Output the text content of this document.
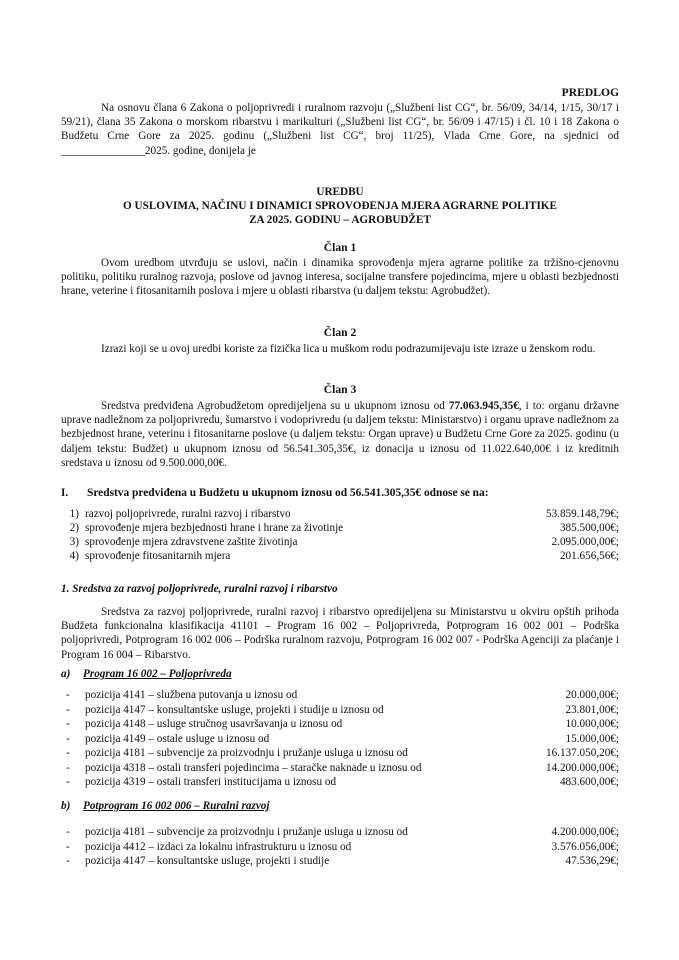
PREDLOG
Na osnovu člana 6 Zakona o poljoprivredi i ruralnom razvoju („Službeni list CG“, br. 56/09, 34/14, 1/15, 30/17 i 59/21), člana 35 Zakona o morskom ribarstvu i marikulturi („Službeni list CG“, br. 56/09 i 47/15) i čl. 10 i 18 Zakona o Budžetu Crne Gore za 2025. godinu („Službeni list CG“, broj 11/25), Vlada Crne Gore, na sjednici od _______________2025. godine, donijela je
UREDBU
O USLOVIMA, NAČINU I DINAMICI SPROVOĐENJA MJERA AGRARNE POLITIKE
ZA 2025. GODINU – AGROBUDŽET
Član 1
Ovom uredbom utvrđuju se uslovi, način i dinamika sprovođenja mjera agrarne politike za tržišno-cjenovnu politiku, politiku ruralnog razvoja, poslove od javnog interesa, socijalne transfere pojedincima, mjere u oblasti bezbjednosti hrane, veterine i fitosanitarnih poslova i mjere u oblasti ribarstva (u daljem tekstu: Agrobudžet).
Član 2
Izrazi koji se u ovoj uredbi koriste za fizička lica u muškom rodu podrazumijevaju iste izraze u ženskom rodu.
Član 3
Sredstva predviđena Agrobudžetom opredijeljena su u ukupnom iznosu od 77.063.945,35€, i to: organu državne uprave nadležnom za poljoprivredu, šumarstvo i vodoprivredu (u daljem tekstu: Ministarstvo) i organu uprave nadležnom za bezbjednost hrane, veterinu i fitosanitarne poslove (u daljem tekstu: Organ uprave) u Budžetu Crne Gore za 2025. godinu (u daljem tekstu: Budžet) u ukupnom iznosu od 56.541.305,35€, iz donacija u iznosu od 11.022.640,00€ i iz kreditnih sredstava u iznosu od 9.500.000,00€.
I. Sredstva predviđena u Budžetu u ukupnom iznosu od 56.541.305,35€ odnose se na:
1) razvoj poljoprivrede, ruralni razvoj i ribarstvo	53.859.148,79€;
2) sprovođenje mjera bezbjednosti hrane i hrane za životinje	385.500,00€;
3) sprovođenje mjera zdravstvene zaštite životinja	2.095.000,00€;
4) sprovođenje fitosanitarnih mjera	201.656,56€;
1. Sredstva za razvoj poljoprivrede, ruralni razvoj i ribarstvo
Sredstva za razvoj poljoprivrede, ruralni razvoj i ribarstvo opredijeljena su Ministarstvu u okviru opštih prihoda Budžeta funkcionalna klasifikacija 41101 – Program 16 002 – Poljoprivreda, Potprogram 16 002 001 – Podrška poljoprivredi, Potprogram 16 002 006 – Podrška ruralnom razvoju, Potprogram 16 002 007 - Podrška Agenciji za plaćanje i Program 16 004 – Ribarstvo.
a) Program 16 002 – Poljoprivreda
- pozicija 4141 – službena putovanja u iznosu od	20.000,00€;
- pozicija 4147 – konsultantske usluge, projekti i studije u iznosu od	23.801,00€;
- pozicija 4148 – usluge stručnog usavršavanja u iznosu od	10.000,00€;
- pozicija 4149 – ostale usluge u iznosu od	15.000,00€;
- pozicija 4181 – subvencije za proizvodnju i pružanje usluga u iznosu od	16.137.050,20€;
- pozicija 4318 – ostali transferi pojedincima – staračke naknade u iznosu od	14.200.000,00€;
- pozicija 4319 – ostali transferi institucijama u iznosu od	483.600,00€;
b) Potprogram 16 002 006 – Ruralni razvoj
- pozicija 4181 – subvencije za proizvodnju i pružanje usluga u iznosu od	4.200.000,00€;
- pozicija 4412 – izdaci za lokalnu infrastrukturu u iznosu od	3.576.056,00€;
- pozicija 4147 – konsultantske usluge, projekti i studije	47.536,29€;
